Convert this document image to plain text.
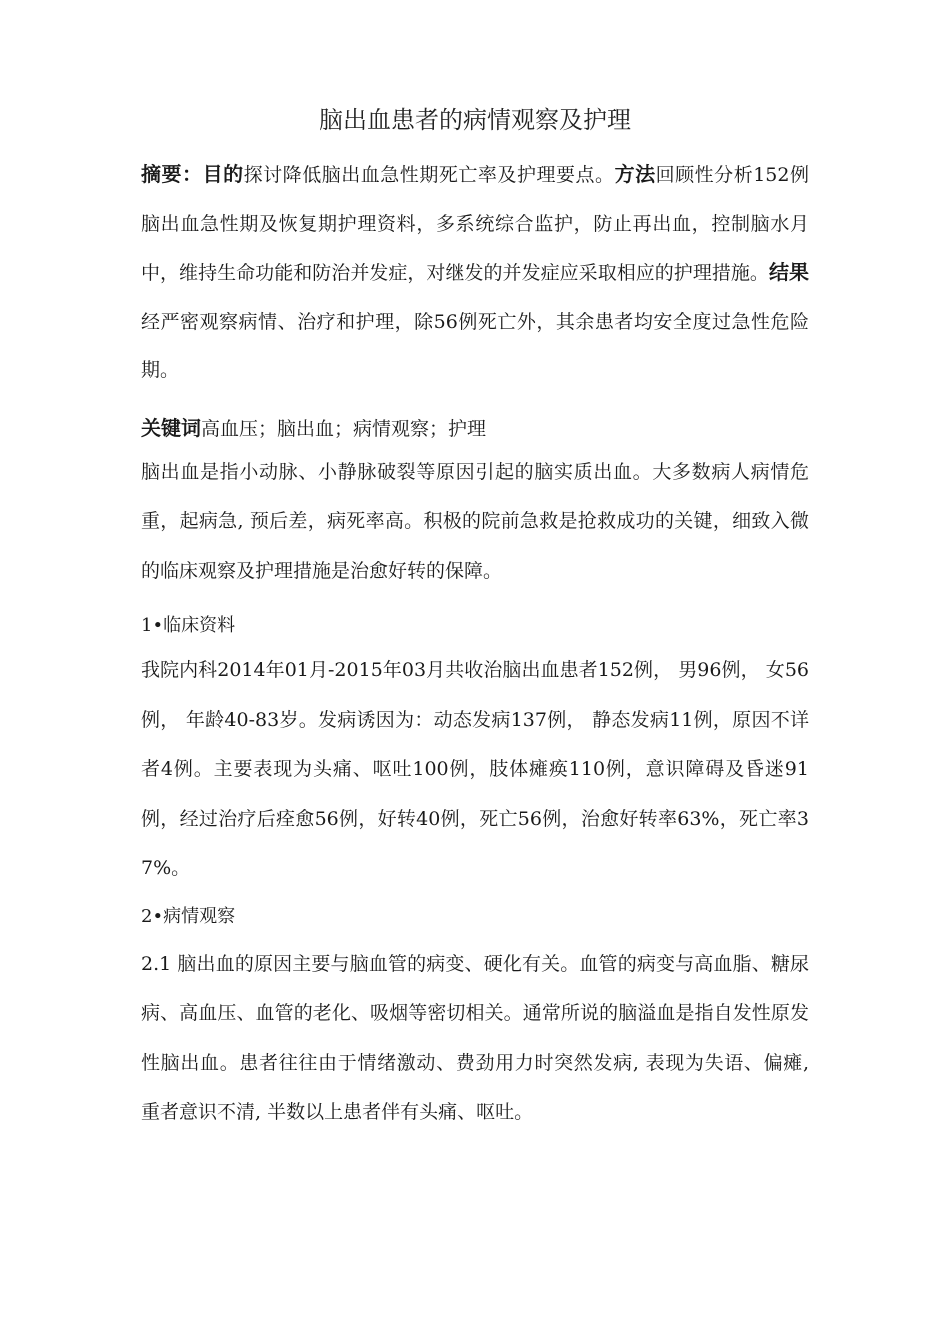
脑出血患者的病情观察及护理

摘要：目的探讨降低脑出血急性期死亡率及护理要点。方法回顾性分析152例脑出血急性期及恢复期护理资料，多系统综合监护，防止再出血，控制脑水月中，维持生命功能和防治并发症，对继发的并发症应采取相应的护理措施。结果经严密观察病情、治疗和护理，除56例死亡外，其余患者均安全度过急性危险期。

关键词高血压；脑出血；病情观察；护理

脑出血是指小动脉、小静脉破裂等原因引起的脑实质出血。大多数病人病情危重，起病急, 预后差，病死率高。积极的院前急救是抢救成功的关键，细致入微的临床观察及护理措施是治愈好转的保障。

1•临床资料

我院内科2014年01月-2015年03月共收治脑出血患者152例， 男96例， 女56例， 年龄40-83岁。发病诱因为：动态发病137例， 静态发病11例，原因不详者4例。主要表现为头痛、呕吐100例，肢体瘫痪110例，意识障碍及昏迷91例，经过治疗后痊愈56例，好转40例，死亡56例，治愈好转率63%，死亡率37%。

2•病情观察

2.1 脑出血的原因主要与脑血管的病变、硬化有关。血管的病变与高血脂、糖尿病、高血压、血管的老化、吸烟等密切相关。通常所说的脑溢血是指自发性原发性脑出血。患者往往由于情绪激动、费劲用力时突然发病, 表现为失语、偏瘫, 重者意识不清, 半数以上患者伴有头痛、呕吐。
